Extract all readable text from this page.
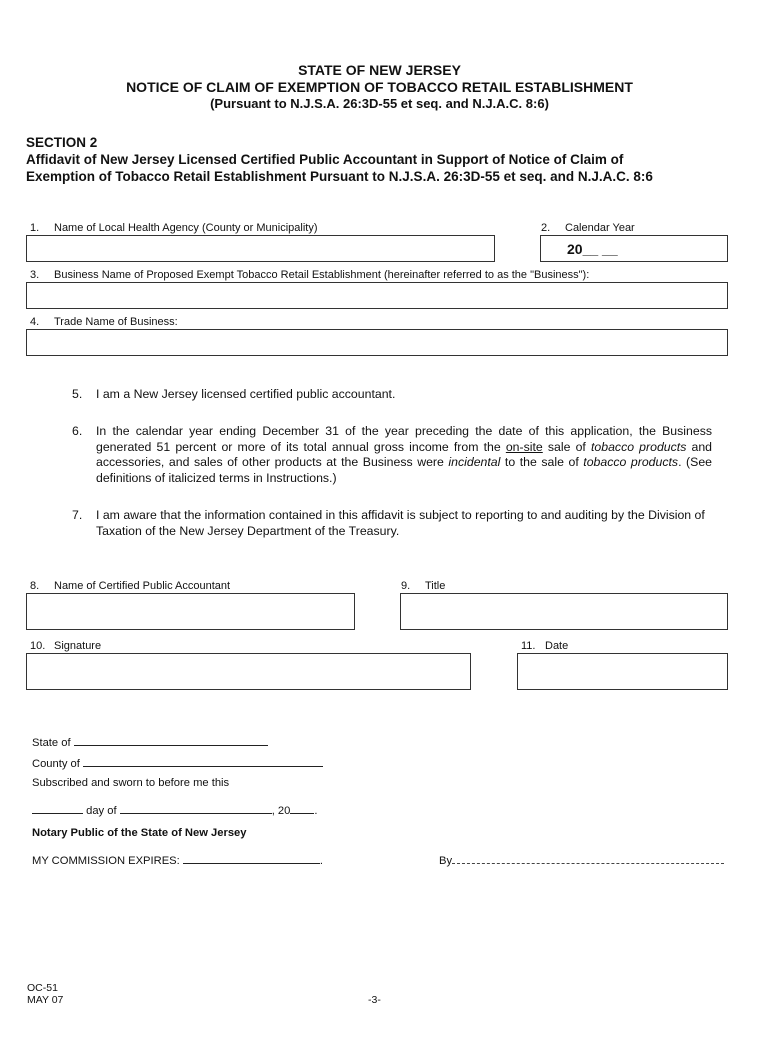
STATE OF NEW JERSEY
NOTICE OF CLAIM OF EXEMPTION OF TOBACCO RETAIL ESTABLISHMENT
(Pursuant to N.J.S.A. 26:3D-55 et seq. and N.J.A.C. 8:6)
SECTION 2
Affidavit of New Jersey Licensed Certified Public Accountant in Support of Notice of Claim of
Exemption of Tobacco Retail Establishment Pursuant to N.J.S.A. 26:3D-55 et seq. and N.J.A.C. 8:6
1. Name of Local Health Agency (County or Municipality)	2. Calendar Year
20__ __
3. Business Name of Proposed Exempt Tobacco Retail Establishment (hereinafter referred to as the "Business"):
4. Trade Name of Business:
5. I am a New Jersey licensed certified public accountant.
6. In the calendar year ending December 31 of the year preceding the date of this application, the Business generated 51 percent or more of its total annual gross income from the on-site sale of tobacco products and accessories, and sales of other products at the Business were incidental to the sale of tobacco products. (See definitions of italicized terms in Instructions.)
7. I am aware that the information contained in this affidavit is subject to reporting to and auditing by the Division of Taxation of the New Jersey Department of the Treasury.
8. Name of Certified Public Accountant	9. Title
10. Signature	11. Date
State of
County of
Subscribed and sworn to before me this
day of	, 20 .
Notary Public of the State of New Jersey
MY COMMISSION EXPIRES:	.	By
OC-51
MAY 07	-3-
